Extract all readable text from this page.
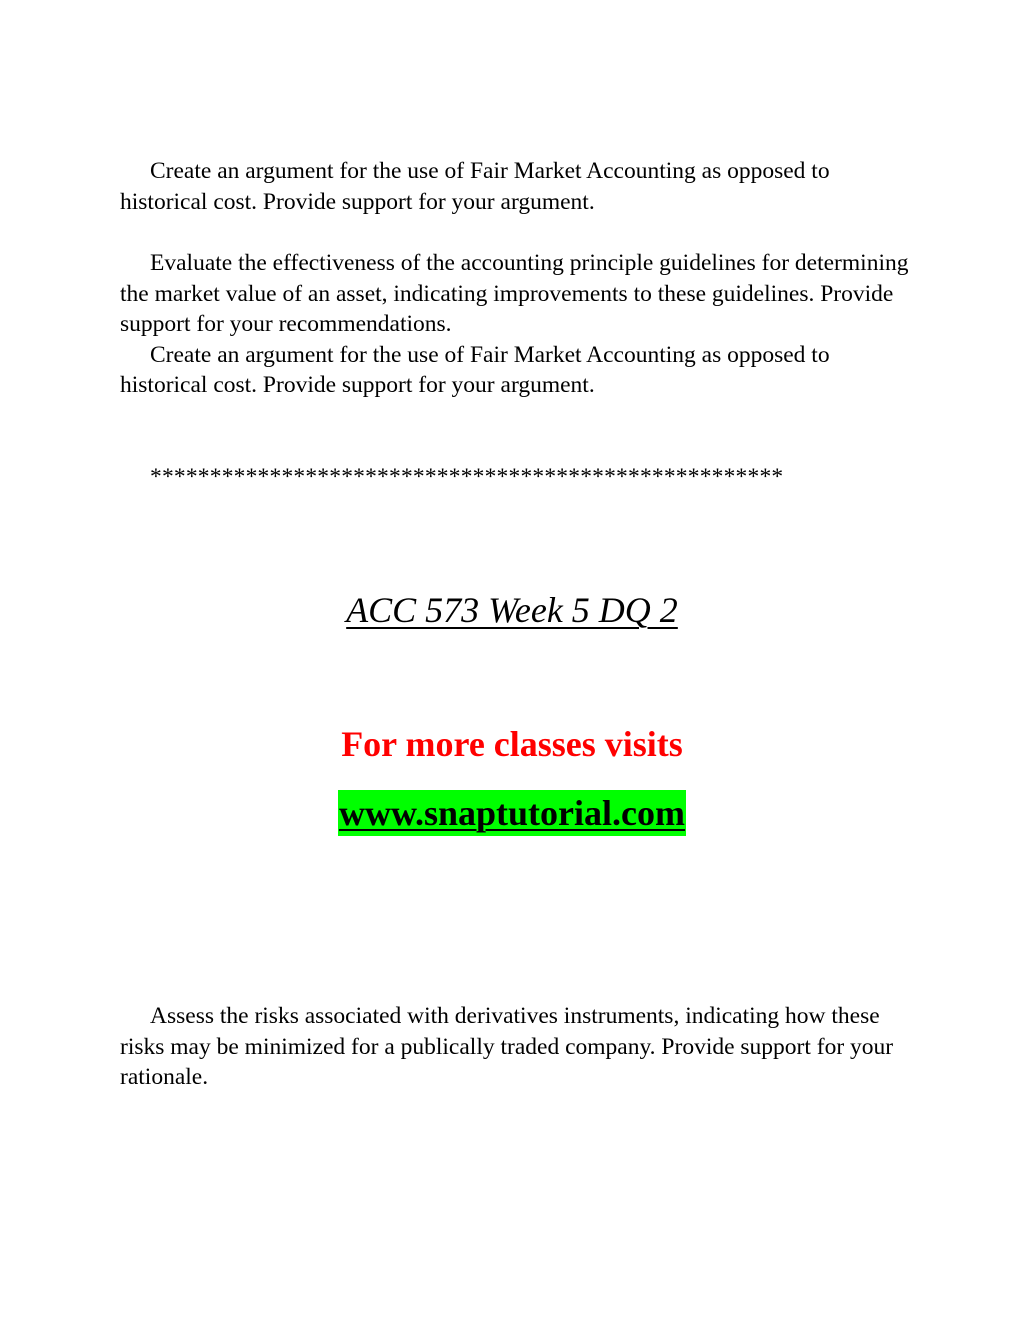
Create an argument for the use of Fair Market Accounting as opposed to historical cost. Provide support for your argument.

Evaluate the effectiveness of the accounting principle guidelines for determining the market value of an asset, indicating improvements to these guidelines. Provide support for your recommendations.

Create an argument for the use of Fair Market Accounting as opposed to historical cost. Provide support for your argument.

*****************************************************
ACC 573 Week 5 DQ 2
For more classes visits
www.snaptutorial.com

Assess the risks associated with derivatives instruments, indicating how these risks may be minimized for a publically traded company. Provide support for your rationale.
